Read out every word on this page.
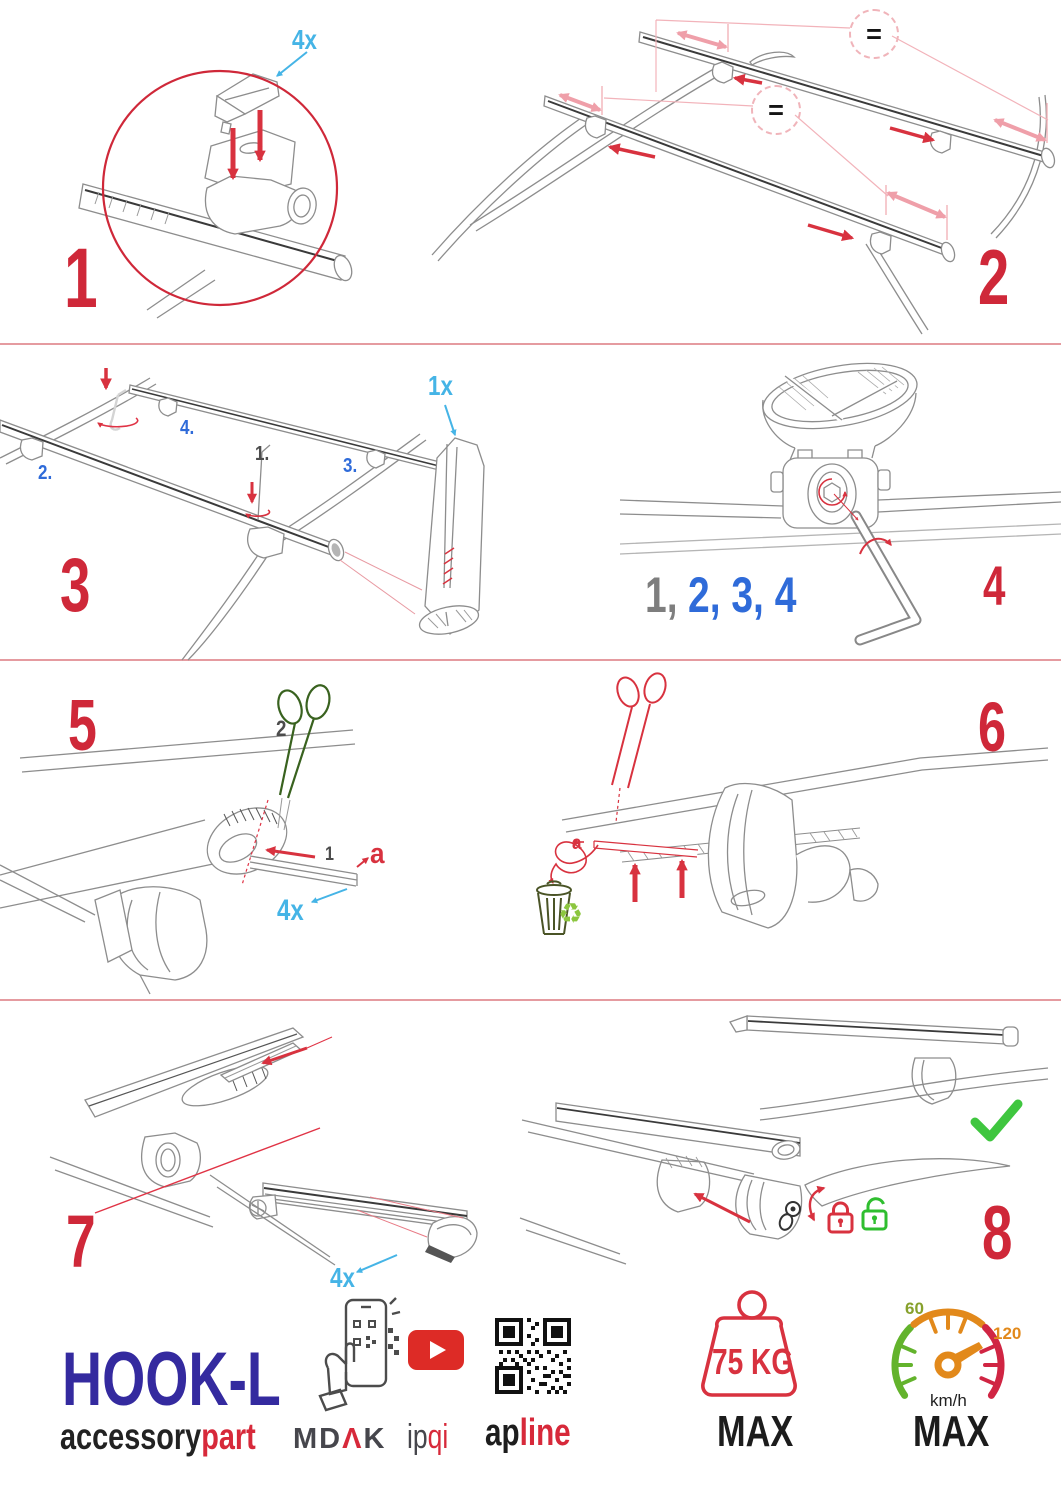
4x
1
=
=
2
2.
4.
3.
1.
1x
3	1, 2, 3, 4	4
2
1 a
4x
5
a
♻
6
4x
7	8
HOOK-L
accessorypart	MDΛK ipqi apline
75 KG
MAX
60
120
km/h
MAX
